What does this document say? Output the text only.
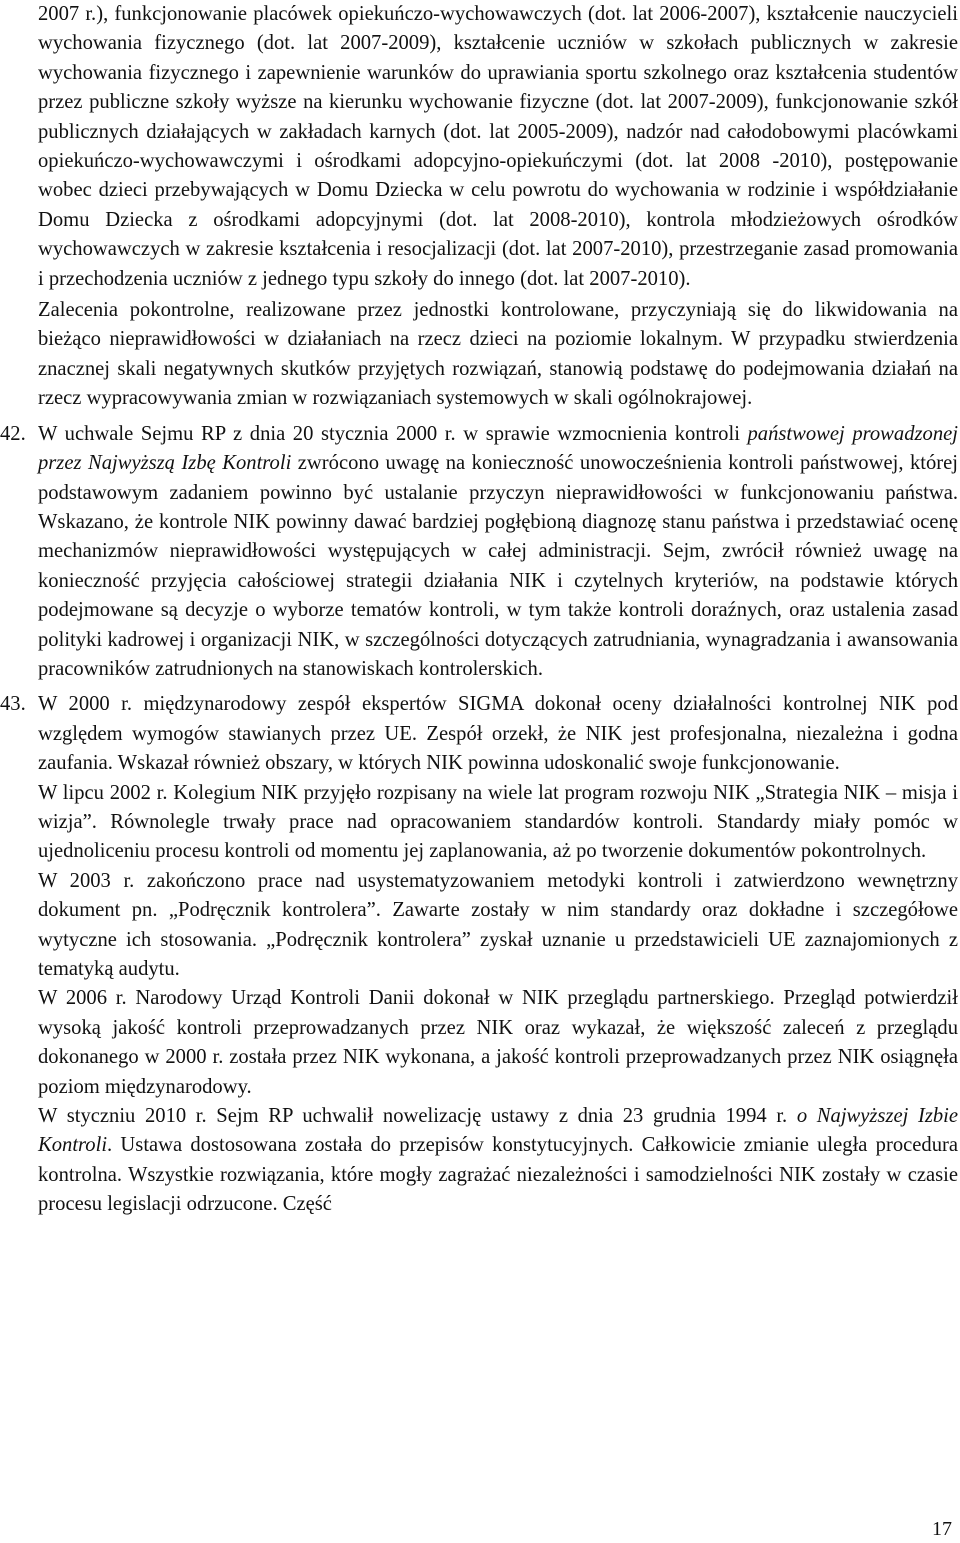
2007 r.), funkcjonowanie placówek opiekuńczo-wychowawczych (dot. lat 2006-2007), kształcenie nauczycieli wychowania fizycznego (dot. lat 2007-2009), kształcenie uczniów w szkołach publicznych w zakresie wychowania fizycznego i zapewnienie warunków do uprawiania sportu szkolnego oraz kształcenia studentów przez publiczne szkoły wyższe na kierunku wychowanie fizyczne (dot. lat 2007-2009), funkcjonowanie szkół publicznych działających w zakładach karnych (dot. lat 2005-2009), nadzór nad całodobowymi placówkami opiekuńczo-wychowawczymi i ośrodkami adopcyjno-opiekuńczymi (dot. lat 2008 -2010), postępowanie wobec dzieci przebywających w Domu Dziecka w celu powrotu do wychowania w rodzinie i współdziałanie Domu Dziecka z ośrodkami adopcyjnymi (dot. lat 2008-2010), kontrola młodzieżowych ośrodków wychowawczych w zakresie kształcenia i resocjalizacji (dot. lat 2007-2010), przestrzeganie zasad promowania i przechodzenia uczniów z jednego typu szkoły do innego (dot. lat 2007-2010).

Zalecenia pokontrolne, realizowane przez jednostki kontrolowane, przyczyniają się do likwidowania na bieżąco nieprawidłowości w działaniach na rzecz dzieci na poziomie lokalnym. W przypadku stwierdzenia znacznej skali negatywnych skutków przyjętych rozwiązań, stanowią podstawę do podejmowania działań na rzecz wypracowywania zmian w rozwiązaniach systemowych w skali ogólnokrajowej.

42. W uchwale Sejmu RP z dnia 20 stycznia 2000 r. w sprawie wzmocnienia kontroli państwowej prowadzonej przez Najwyższą Izbę Kontroli zwrócono uwagę na konieczność unowocześnienia kontroli państwowej, której podstawowym zadaniem powinno być ustalanie przyczyn nieprawidłowości w funkcjonowaniu państwa. Wskazano, że kontrole NIK powinny dawać bardziej pogłębioną diagnozę stanu państwa i przedstawiać ocenę mechanizmów nieprawidłowości występujących w całej administracji. Sejm, zwrócił również uwagę na konieczność przyjęcia całościowej strategii działania NIK i czytelnych kryteriów, na podstawie których podejmowane są decyzje o wyborze tematów kontroli, w tym także kontroli doraźnych, oraz ustalenia zasad polityki kadrowej i organizacji NIK, w szczególności dotyczących zatrudniania, wynagradzania i awansowania pracowników zatrudnionych na stanowiskach kontrolerskich.

43. W 2000 r. międzynarodowy zespół ekspertów SIGMA dokonał oceny działalności kontrolnej NIK pod względem wymogów stawianych przez UE. Zespół orzekł, że NIK jest profesjonalna, niezależna i godna zaufania. Wskazał również obszary, w których NIK powinna udoskonalić swoje funkcjonowanie.

W lipcu 2002 r. Kolegium NIK przyjęło rozpisany na wiele lat program rozwoju NIK „Strategia NIK – misja i wizja”. Równolegle trwały prace nad opracowaniem standardów kontroli. Standardy miały pomóc w ujednoliceniu procesu kontroli od momentu jej zaplanowania, aż po tworzenie dokumentów pokontrolnych.

W 2003 r. zakończono prace nad usystematyzowaniem metodyki kontroli i zatwierdzono wewnętrzny dokument pn. „Podręcznik kontrolera”. Zawarte zostały w nim standardy oraz dokładne i szczegółowe wytyczne ich stosowania. „Podręcznik kontrolera” zyskał uznanie u przedstawicieli UE zaznajomionych z tematyką audytu.

W 2006 r. Narodowy Urząd Kontroli Danii dokonał w NIK przeglądu partnerskiego. Przegląd potwierdził wysoką jakość kontroli przeprowadzanych przez NIK oraz wykazał, że większość zaleceń z przeglądu dokonanego w 2000 r. została przez NIK wykonana, a jakość kontroli przeprowadzanych przez NIK osiągnęła poziom międzynarodowy.

W styczniu 2010 r. Sejm RP uchwalił nowelizację ustawy z dnia 23 grudnia 1994 r. o Najwyższej Izbie Kontroli. Ustawa dostosowana została do przepisów konstytucyjnych. Całkowicie zmianie uległa procedura kontrolna. Wszystkie rozwiązania, które mogły zagrażać niezależności i samodzielności NIK zostały w czasie procesu legislacji odrzucone. Część

17
